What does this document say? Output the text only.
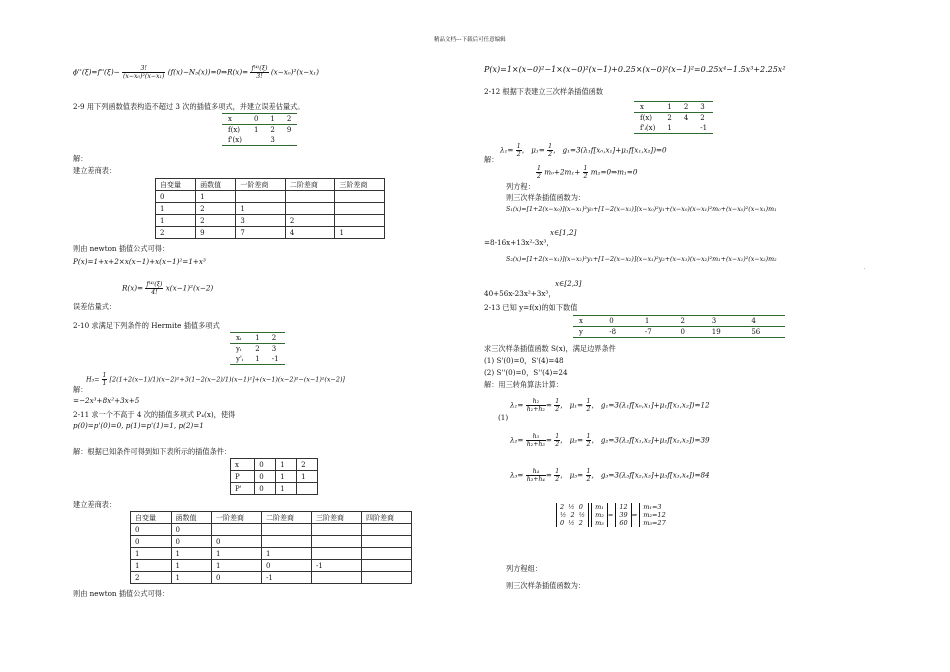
精品文档---下载后可任意编辑
$\phi''(\xi)=f''(\xi)- \frac{3!}{\text{(x−x₀)²(x−x₁)}}$ (f(x)−N₃(x))=0⇒R(x)= $\frac{\text{f⁽⁴⁾(ξ)}}{3!} (x-x_0)^2(x-x_1)$
2-9 用下列函数值表构造不超过 3 次的插值多项式，并建立误差估量式。
x	0	1	2
f(x)	1	2	9
f'(x)		3	
解：
建立差商表：
自变量	函数值	一阶差商	二阶差商	三阶差商
0	1			
1	2	1		
1	2	3	2	
2	9	7	4	1
则由 newton 插值公式可得：
P(x)=1+x+2×x(x−1)+x(x−1)²=1+x³
$R(x)= \frac{\text{f⁽⁴⁾(ξ)}}{4!} x(x-1)^2(x-2)$
误差估量式：
2-10 求满足下列条件的 Hermite 插值多项式
xᵢ	1	2
yᵢ	2	3
y'ᵢ	1	-1
$H_3= \frac{1}{1} [2(1+2(x-1)/1)(x-2)^2+3(1-2(x-2)/1)(x-1)^2]+(x-1)(x-2)^2-(x-1)^2(x-2)$]
解：
=−2x³+8x²+3x+5
2-11 求一个不高于 4 次的插值多项式 P₄(x)，使得
p(0)=p'(0)=0, p(1)=p'(1)=1, p(2)=1
解：根据已知条件可得到如下表所示的插值条件：
x	0	1	2
P	0	1	1
P'	0	1	
建立差商表：
自变量	函数值	一阶差商	二阶差商	三阶差商	四阶差商
0	0				
0	0	0			
1	1	1	1		
1	1	1	0	-1	
2	1	0	-1		
则由 newton 插值公式可得：
P(x)=1×(x−0)²−1×(x−0)²(x−1)+0.25×(x−0)²(x−1)²=0.25x⁴−1.5x³+2.25x²
2-12 根据下表建立三次样条插值函数
x	1	2	3
f(x)	2	4	2
f'ᵢ(x)	1		-1
解：
$\lambda_1= \frac{1}{2}$ ， $\mu_1= \frac{1}{2}$ ， g₁=3(λ₁f[x₀,x₁]+μ₁f[x₁,x₂])=0
列方程：
$\frac{1}{2} m_0+2m_1+ \frac{1}{2}$ m₂=0⇒m₁=0
则三次样条插值函数为：
S₁(x)=[1+2(x−x₀)](x−x₁)²y₀+[1−2(x−x₁)](x−x₀)²y₁+(x−x₀)(x−x₁)²m₀+(x−x₀)²(x−x₁)m₁
x∈[1,2]
=8-16x+13x²-3x³，
S₂(x)=[1+2(x−x₁)](x−x₂)²y₁+[1−2(x−x₂)](x−x₁)²y₂+(x−x₁)(x−x₂)²m₁+(x−x₁)²(x−x₂)m₂
·
x∈[2,3]
40+56x-23x²+3x³，
2-13 已知 y=f(x)的如下数值
x	0	1	2	3	4
y	-8	-7	0	19	56
求三次样条插值函数 S(x)，满足边界条件
(1) S'(0)=0，S'(4)=48
(2) S''(0)=0，S''(4)=24
解：用三转角算法计算：
(1)
$\lambda_1= \frac{\text{h₂}}{\text{h₁+h₂}} = \frac{1}{2}$ ， $\mu_1= \frac{1}{2}$ ， g₁=3(λ₁f[x₀,x₁]+μ₁f[x₁,x₂])=12
$\lambda_2= \frac{\text{h₃}}{\text{h₂+h₃}} = \frac{1}{2}$ ， $\mu_2= \frac{1}{2}$ ， g₂=3(λ₂f[x₁,x₂]+μ₂f[x₂,x₃])=39
$\lambda_3= \frac{\text{h₄}}{\text{h₃+h₄}} = \frac{1}{2}$ ， $\mu_3= \frac{1}{2}$ ， g₃=3(λ₃f[x₂,x₃]+μ₃f[x₃,x₄])=84
2 ½ 0
½ 2 ½
0 ½ 2

m₁
m₂
m₃
=
12
39
60
⇒
m₁=3
m₂=12
m₃=27
列方程组：
则三次样条插值函数为：
